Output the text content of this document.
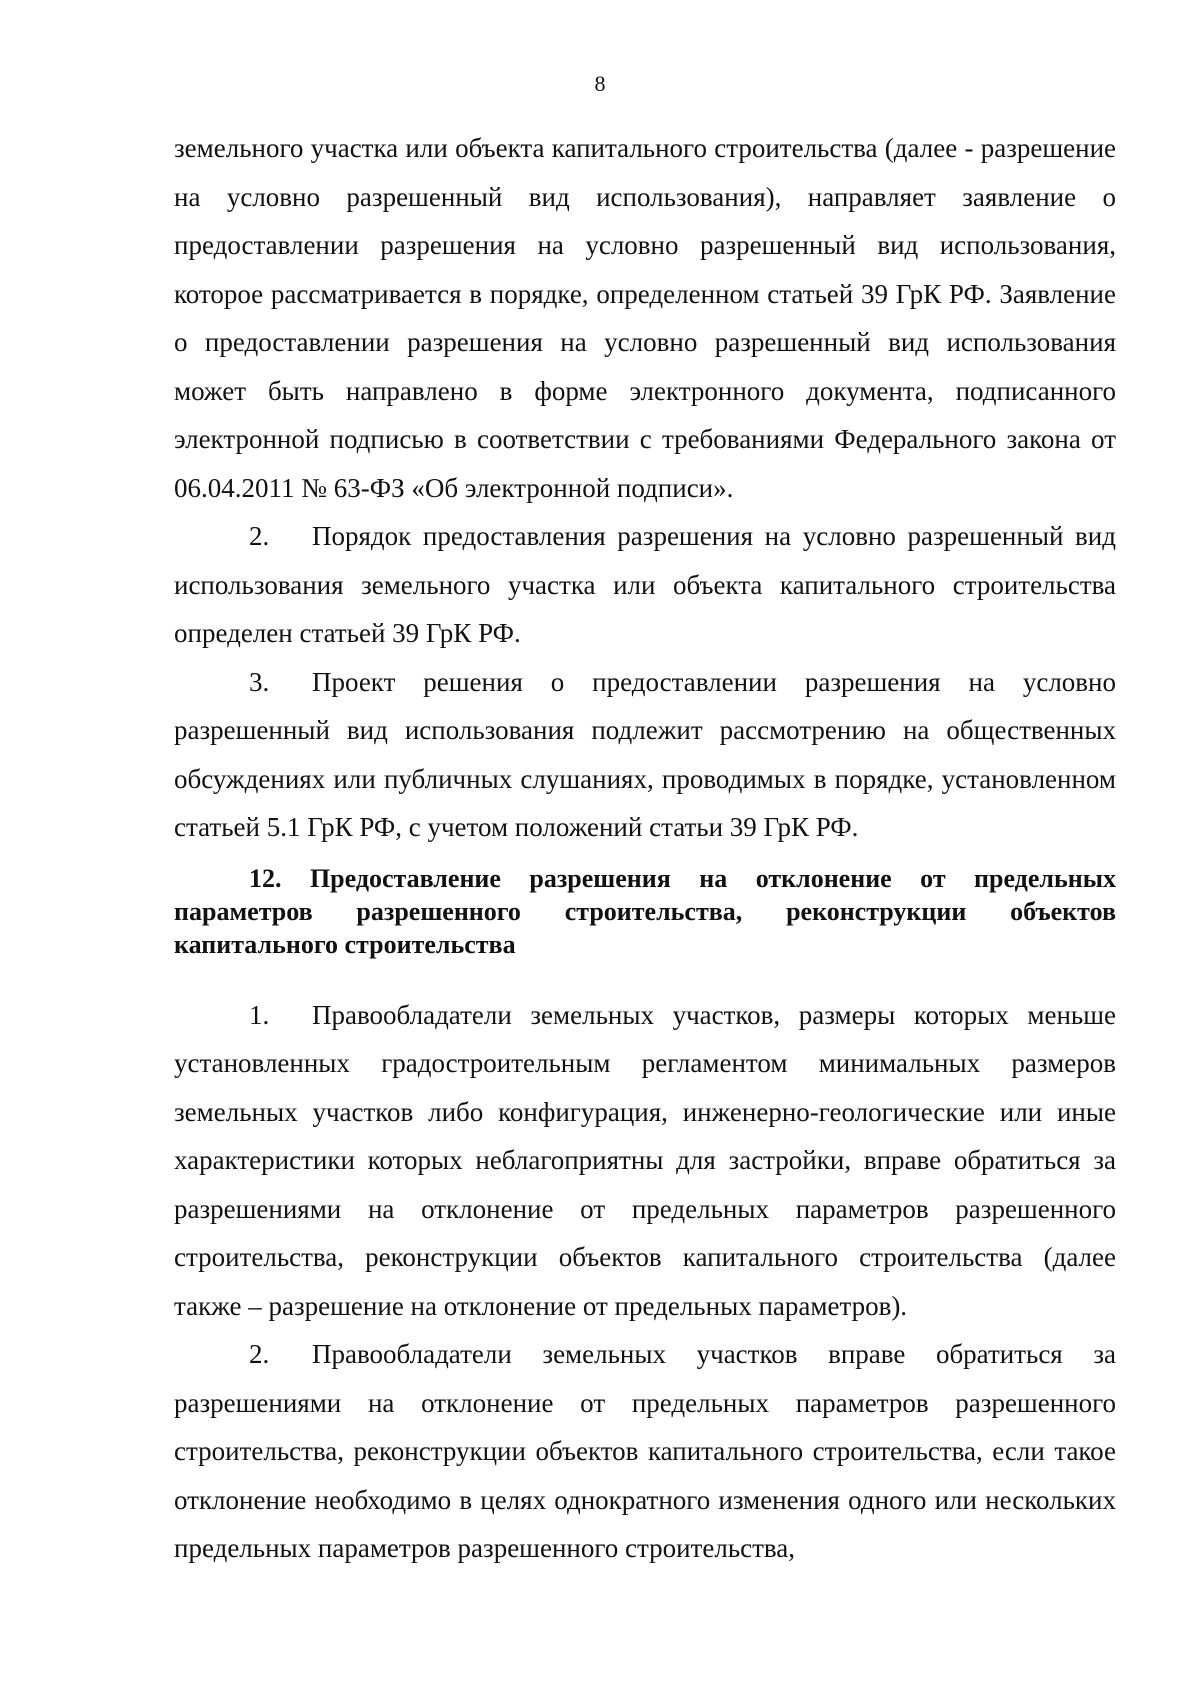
8

земельного участка или объекта капитального строительства (далее - разрешение на условно разрешенный вид использования), направляет заявление о предоставлении разрешения на условно разрешенный вид использования, которое рассматривается в порядке, определенном статьей 39 ГрК РФ. Заявление о предоставлении разрешения на условно разрешенный вид использования может быть направлено в форме электронного документа, подписанного электронной подписью в соответствии с требованиями Федерального закона от 06.04.2011 № 63-ФЗ «Об электронной подписи».

2. Порядок предоставления разрешения на условно разрешенный вид использования земельного участка или объекта капитального строительства определен статьей 39 ГрК РФ.

3. Проект решения о предоставлении разрешения на условно разрешенный вид использования подлежит рассмотрению на общественных обсуждениях или публичных слушаниях, проводимых в порядке, установленном статьей 5.1 ГрК РФ, с учетом положений статьи 39 ГрК РФ.

12. Предоставление разрешения на отклонение от предельных параметров разрешенного строительства, реконструкции объектов капитального строительства

1. Правообладатели земельных участков, размеры которых меньше установленных градостроительным регламентом минимальных размеров земельных участков либо конфигурация, инженерно-геологические или иные характеристики которых неблагоприятны для застройки, вправе обратиться за разрешениями на отклонение от предельных параметров разрешенного строительства, реконструкции объектов капитального строительства (далее также – разрешение на отклонение от предельных параметров).

2. Правообладатели земельных участков вправе обратиться за разрешениями на отклонение от предельных параметров разрешенного строительства, реконструкции объектов капитального строительства, если такое отклонение необходимо в целях однократного изменения одного или нескольких предельных параметров разрешенного строительства,
